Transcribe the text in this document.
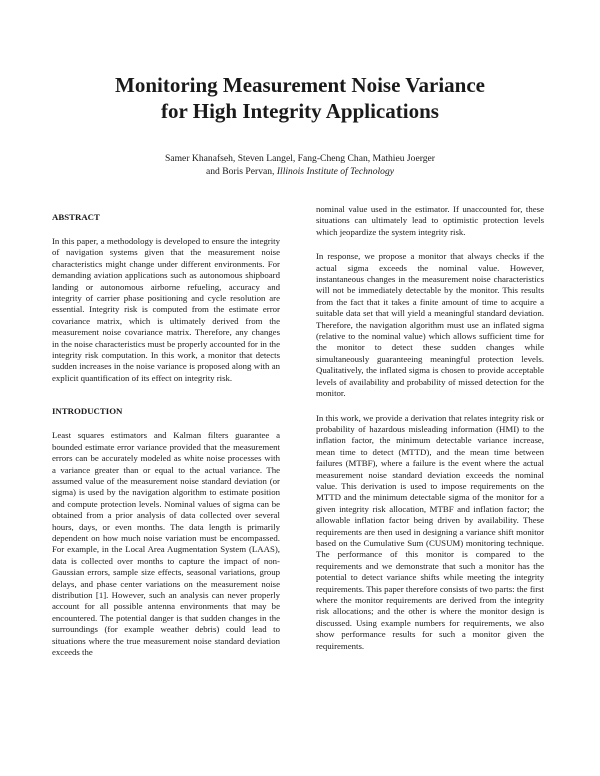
Monitoring Measurement Noise Variance
for High Integrity Applications
Samer Khanafseh, Steven Langel, Fang-Cheng Chan, Mathieu Joerger
and Boris Pervan, Illinois Institute of Technology
ABSTRACT

In this paper, a methodology is developed to ensure the integrity of navigation systems given that the measurement noise characteristics might change under different environments. For demanding aviation applications such as autonomous shipboard landing or autonomous airborne refueling, accuracy and integrity of carrier phase positioning and cycle resolution are essential. Integrity risk is computed from the estimate error covariance matrix, which is ultimately derived from the measurement noise covariance matrix. Therefore, any changes in the noise characteristics must be properly accounted for in the integrity risk computation. In this work, a monitor that detects sudden increases in the noise variance is proposed along with an explicit quantification of its effect on integrity risk.

INTRODUCTION

Least squares estimators and Kalman filters guarantee a bounded estimate error variance provided that the measurement errors can be accurately modeled as white noise processes with a variance greater than or equal to the actual variance. The assumed value of the measurement noise standard deviation (or sigma) is used by the navigation algorithm to estimate position and compute protection levels. Nominal values of sigma can be obtained from a prior analysis of data collected over several hours, days, or even months. The data length is primarily dependent on how much noise variation must be encompassed. For example, in the Local Area Augmentation System (LAAS), data is collected over months to capture the impact of non-Gaussian errors, sample size effects, seasonal variations, group delays, and phase center variations on the measurement noise distribution [1]. However, such an analysis can never properly account for all possible antenna environments that may be encountered. The potential danger is that sudden changes in the surroundings (for example weather debris) could lead to situations where the true measurement noise standard deviation exceeds the

nominal value used in the estimator. If unaccounted for, these situations can ultimately lead to optimistic protection levels which jeopardize the system integrity risk.

In response, we propose a monitor that always checks if the actual sigma exceeds the nominal value. However, instantaneous changes in the measurement noise characteristics will not be immediately detectable by the monitor. This results from the fact that it takes a finite amount of time to acquire a suitable data set that will yield a meaningful standard deviation. Therefore, the navigation algorithm must use an inflated sigma (relative to the nominal value) which allows sufficient time for the monitor to detect these sudden changes while simultaneously guaranteeing meaningful protection levels. Qualitatively, the inflated sigma is chosen to provide acceptable levels of availability and probability of missed detection for the monitor.

In this work, we provide a derivation that relates integrity risk or probability of hazardous misleading information (HMI) to the inflation factor, the minimum detectable variance increase, mean time to detect (MTTD), and the mean time between failures (MTBF), where a failure is the event where the actual measurement noise standard deviation exceeds the nominal value. This derivation is used to impose requirements on the MTTD and the minimum detectable sigma of the monitor for a given integrity risk allocation, MTBF and inflation factor; the allowable inflation factor being driven by availability. These requirements are then used in designing a variance shift monitor based on the Cumulative Sum (CUSUM) monitoring technique. The performance of this monitor is compared to the requirements and we demonstrate that such a monitor has the potential to detect variance shifts while meeting the integrity requirements. This paper therefore consists of two parts: the first where the monitor requirements are derived from the integrity risk allocations; and the other is where the monitor design is discussed. Using example numbers for requirements, we also show performance results for such a monitor given the requirements.
